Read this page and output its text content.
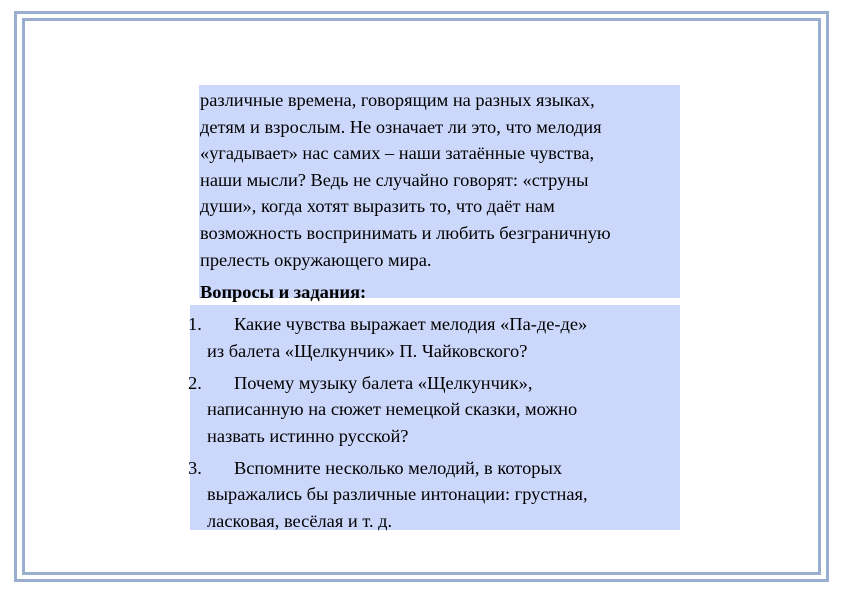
различные времена, говорящим на разных языках,
детям и взрослым. Не означает ли это, что мелодия
«угадывает» нас самих – наши затаённые чувства,
наши мысли? Ведь не случайно говорят: «струны
души», когда хотят выразить то, что даёт нам
возможность воспринимать и любить безграничную
прелесть окружающего мира.

Вопросы и задания:

1.	Какие чувства выражает мелодия «Па-де-де»
из балета «Щелкунчик» П. Чайковского?
2.	Почему музыку балета «Щелкунчик»,
написанную на сюжет немецкой сказки, можно
назвать истинно русской?
3.	Вспомните несколько мелодий, в которых
выражались бы различные интонации: грустная,
ласковая, весёлая и т. д.
